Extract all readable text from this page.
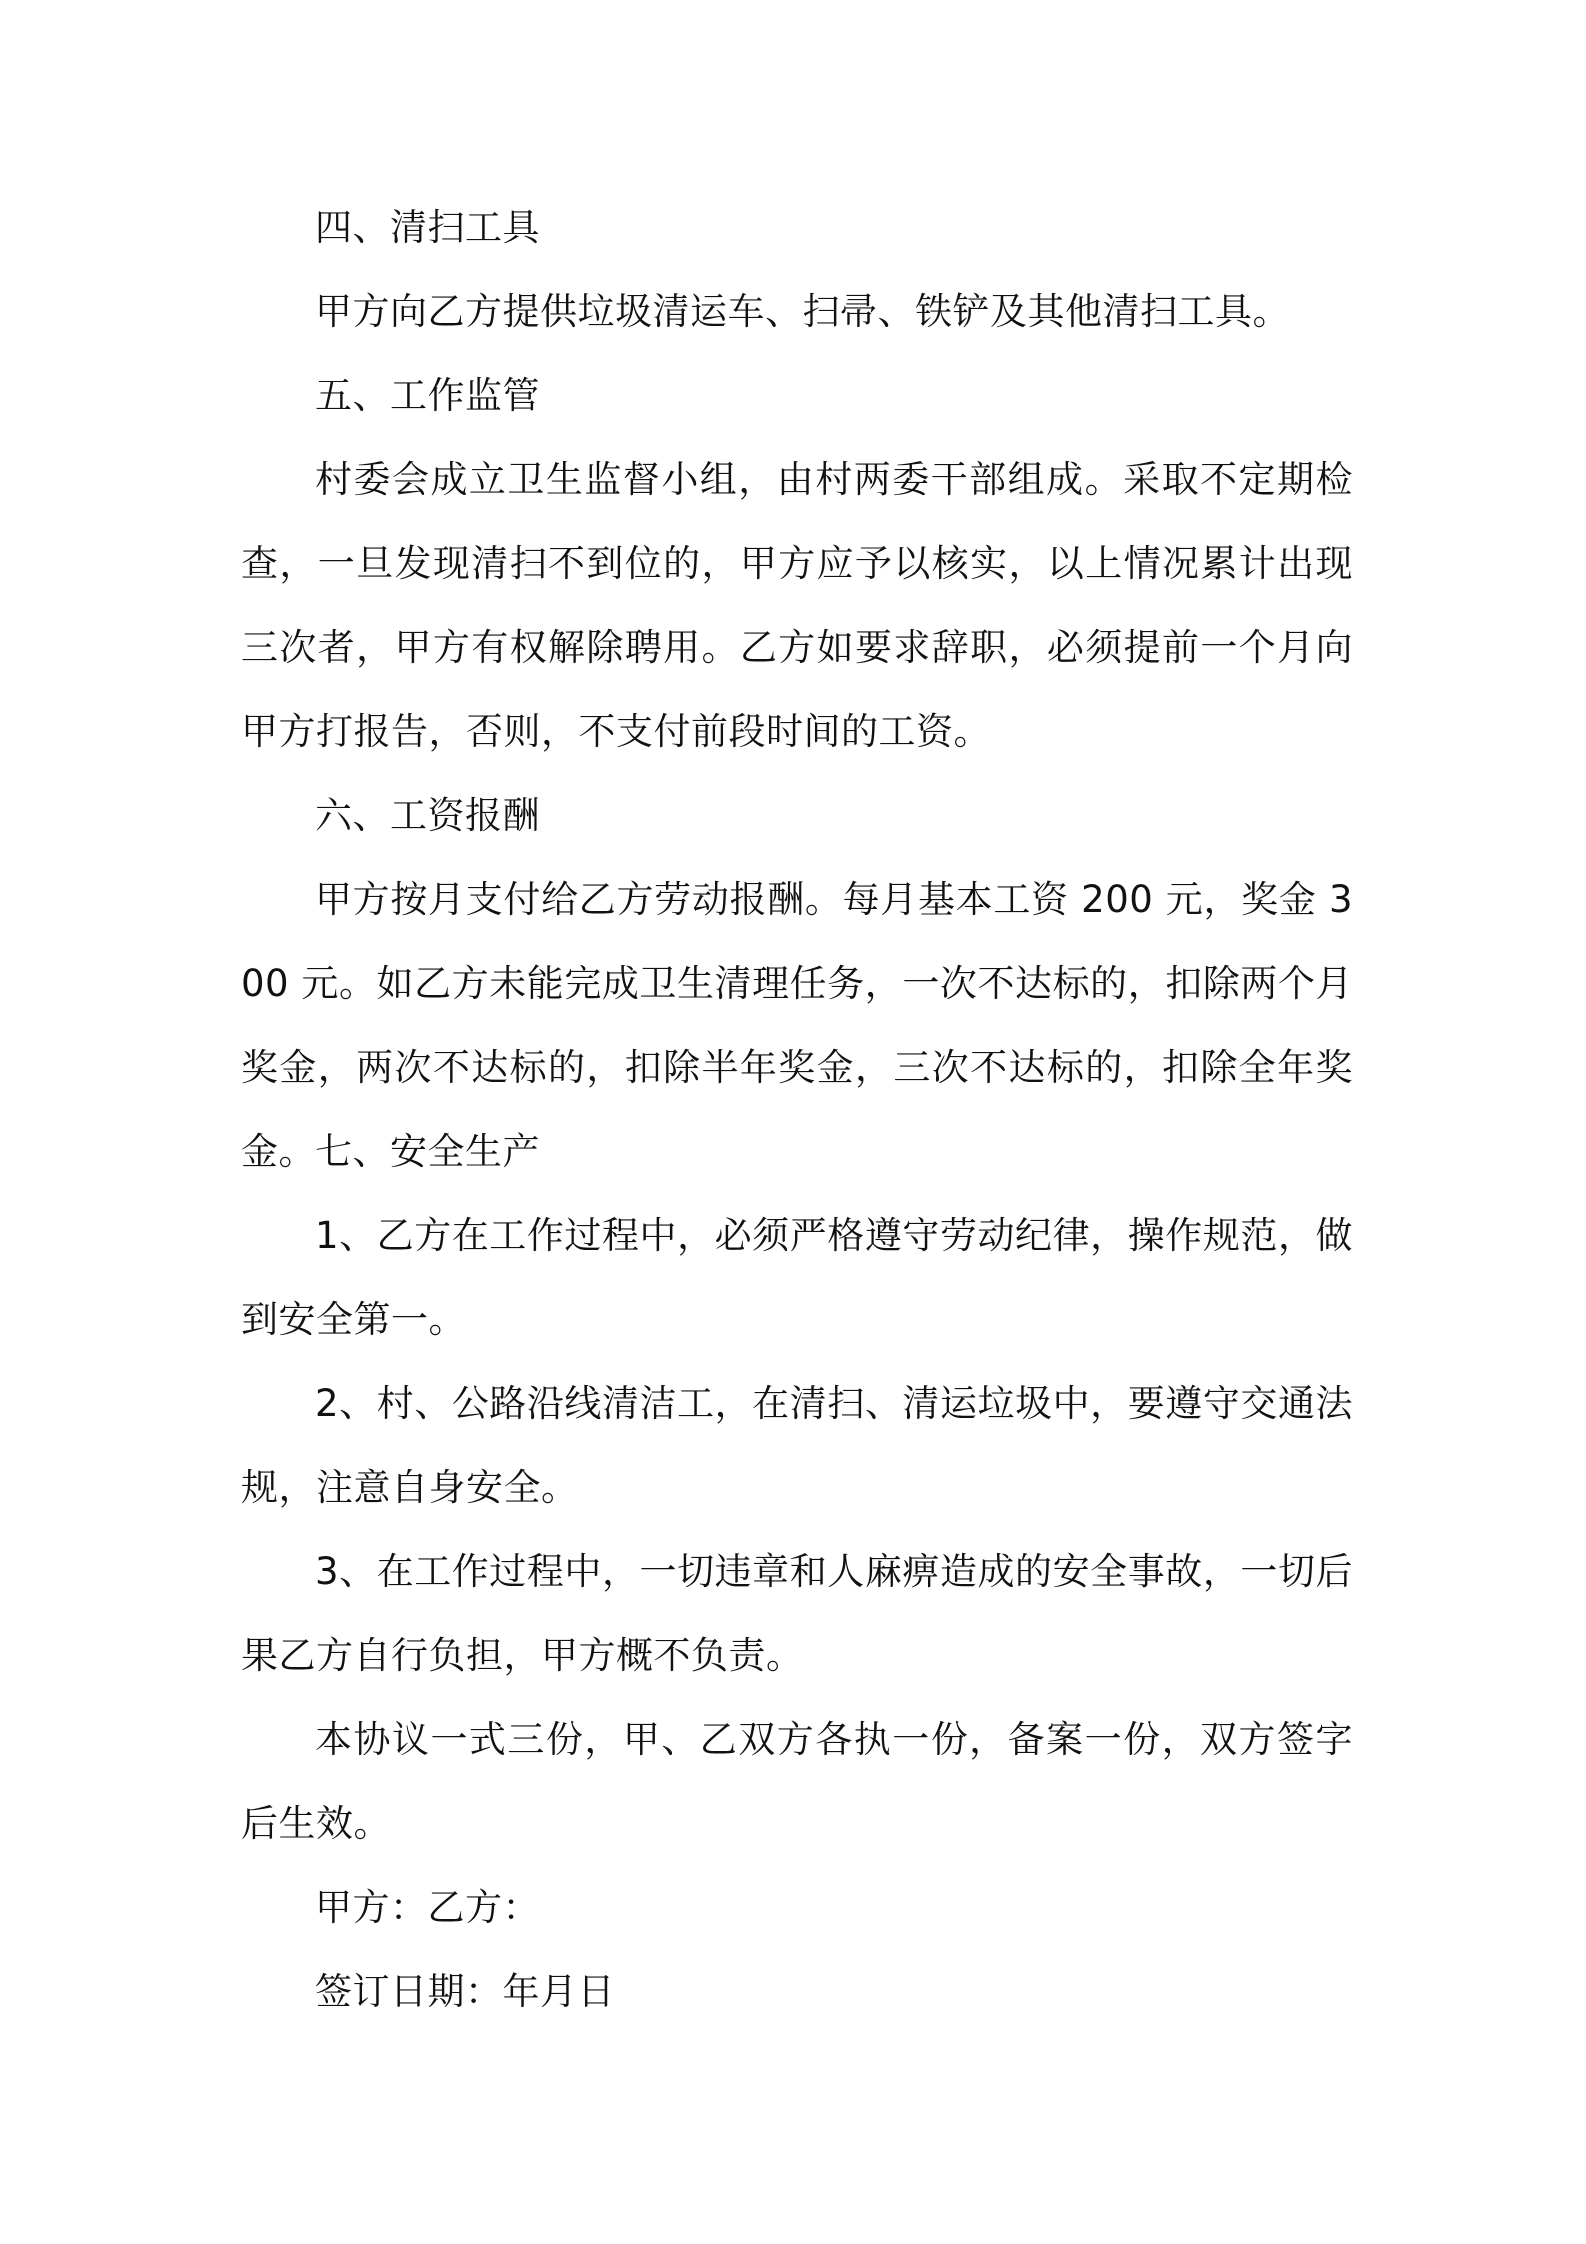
四、清扫工具

甲方向乙方提供垃圾清运车、扫帚、铁铲及其他清扫工具。

五、工作监管

村委会成立卫生监督小组，由村两委干部组成。采取不定期检查，一旦发现清扫不到位的，甲方应予以核实，以上情况累计出现三次者，甲方有权解除聘用。乙方如要求辞职，必须提前一个月向甲方打报告，否则，不支付前段时间的工资。

六、工资报酬

甲方按月支付给乙方劳动报酬。每月基本工资 200 元，奖金 300 元。如乙方未能完成卫生清理任务，一次不达标的，扣除两个月奖金，两次不达标的，扣除半年奖金，三次不达标的，扣除全年奖金。 七、安全生产

1、乙方在工作过程中，必须严格遵守劳动纪律，操作规范，做到安全第一。

2、村、公路沿线清洁工，在清扫、清运垃圾中，要遵守交通法规，注意自身安全。

3、在工作过程中，一切违章和人麻痹造成的安全事故，一切后果乙方自行负担，甲方概不负责。

本协议一式三份，甲、乙双方各执一份，备案一份，双方签字后生效。

甲方：乙方：

签订日期：年月日
